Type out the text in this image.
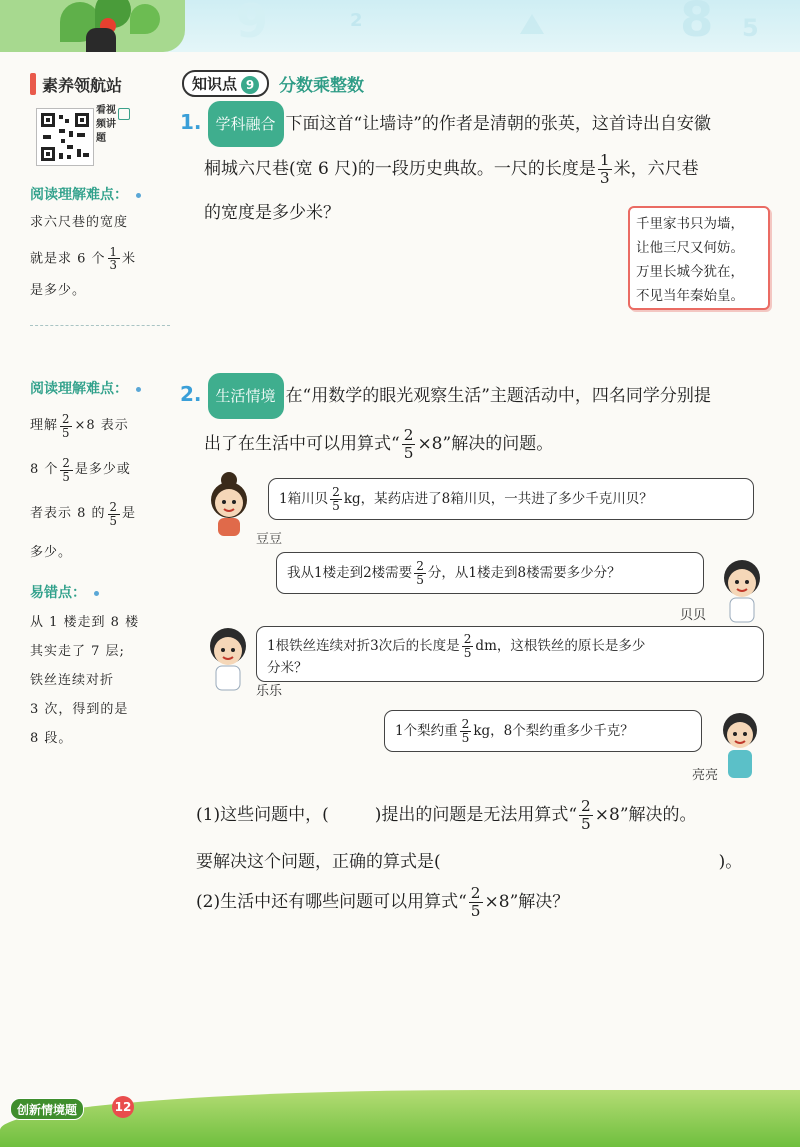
9	2	8 5
素养领航站
看视频讲题
阅读理解难点：
求六尺巷的宽度
就是求 6 个 $\frac{1}{3}$ 米
是多少。
阅读理解难点：
理解 $\frac{2}{5} \times 8$ 表示
8 个 2
5 是多少或
者表示 8 的 2
5 是
多少。
易错点：
从 1 楼走到 8 楼
其实走了 7 层;
铁丝连续对折
3 次，得到的是
8 段。
知识点 9	分数乘整数
1. 学科融合 下面这首“让墙诗”的作者是清朝的张英，这首诗出自安徽
桐城六尺巷(宽 6 尺)的一段历史典故。一尺的长度是 1
3 米，六尺巷
的宽度是多少米？
千里家书只为墙，
让他三尺又何妨。
万里长城今犹在，
不见当年秦始皇。
2. 生活情境 在“用数学的眼光观察生活”主题活动中，四名同学分别提
出了在生活中可以用算式“ $\frac{2}{5} \times 8$”解决的问题。
豆豆
1箱川贝 2
5 kg，某药店进了8箱川贝，一共进了多少千克川贝？
我从1楼走到2楼需要 2
5 分，从1楼走到8楼需要多少分？
贝贝
乐乐
1根铁丝连续对折3次后的长度是 2
5 dm，这根铁丝的原长是多少
分米？
1个梨约重 2
5 kg，8个梨约重多少千克？
亮亮
(1)这些问题中，(	)提出的问题是无法用算式“ $\frac{2}{5} \times 8$”解决的。
要解决这个问题，正确的算式是(	)。
(2)生活中还有哪些问题可以用算式“ $\frac{2}{5} \times 8$”解决？
创新情境题	12
